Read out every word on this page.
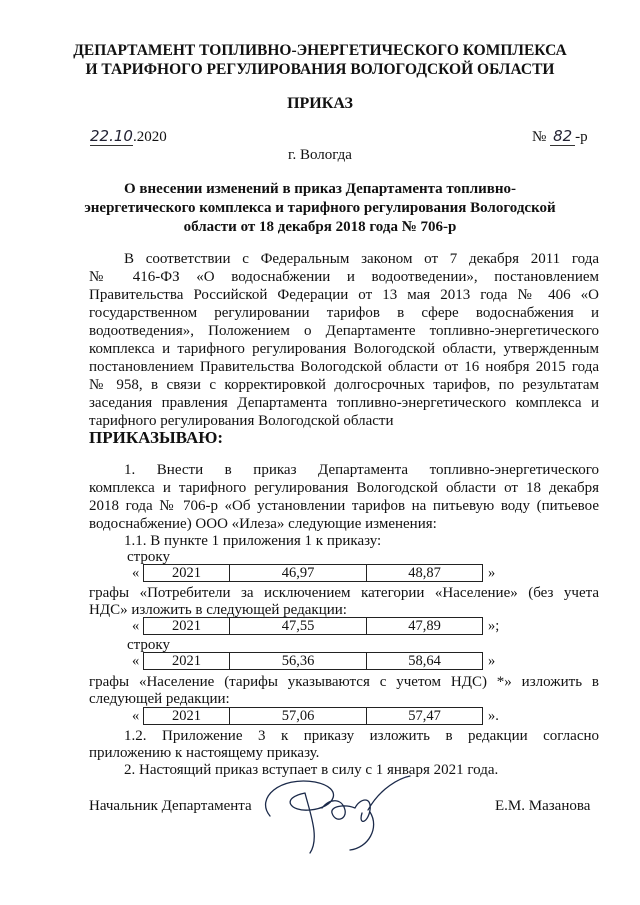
ДЕПАРТАМЕНТ ТОПЛИВНО-ЭНЕРГЕТИЧЕСКОГО КОМПЛЕКСА
И ТАРИФНОГО РЕГУЛИРОВАНИЯ ВОЛОГОДСКОЙ ОБЛАСТИ
ПРИКАЗ
22.10.2020	№ 82 -р
г. Вологда
О внесении изменений в приказ Департамента топливно-
энергетического комплекса и тарифного регулирования Вологодской
области от 18 декабря 2018 года № 706-р
В соответствии с Федеральным законом от 7 декабря 2011 года
№ 416-ФЗ «О водоснабжении и водоотведении», постановлением
Правительства Российской Федерации от 13 мая 2013 года № 406 «О
государственном регулировании тарифов в сфере водоснабжения и
водоотведения», Положением о Департаменте топливно-энергетического
комплекса и тарифного регулирования Вологодской области, утвержденным
постановлением Правительства Вологодской области от 16 ноября 2015 года
№ 958, в связи с корректировкой долгосрочных тарифов, по результатам
заседания правления Департамента топливно-энергетического комплекса и
тарифного регулирования Вологодской области
ПРИКАЗЫВАЮ:
1. Внести в приказ Департамента топливно-энергетического
комплекса и тарифного регулирования Вологодской области от 18 декабря
2018 года № 706-р «Об установлении тарифов на питьевую воду (питьевое
водоснабжение) ООО «Илеза» следующие изменения:
1.1. В пункте 1 приложения 1 к приказу:
строку
«	2021	46,97	48,87	»
графы «Потребители за исключением категории «Население» (без учета
НДС» изложить в следующей редакции:
«	2021	47,55	47,89	»;
строку
«	2021	56,36	58,64	»
графы «Население (тарифы указываются с учетом НДС) *» изложить в
следующей редакции:
«	2021	57,06	57,47	».
1.2. Приложение 3 к приказу изложить в редакции согласно
приложению к настоящему приказу.
2. Настоящий приказ вступает в силу с 1 января 2021 года.
Начальник Департамента	Е.М. Мазанова
